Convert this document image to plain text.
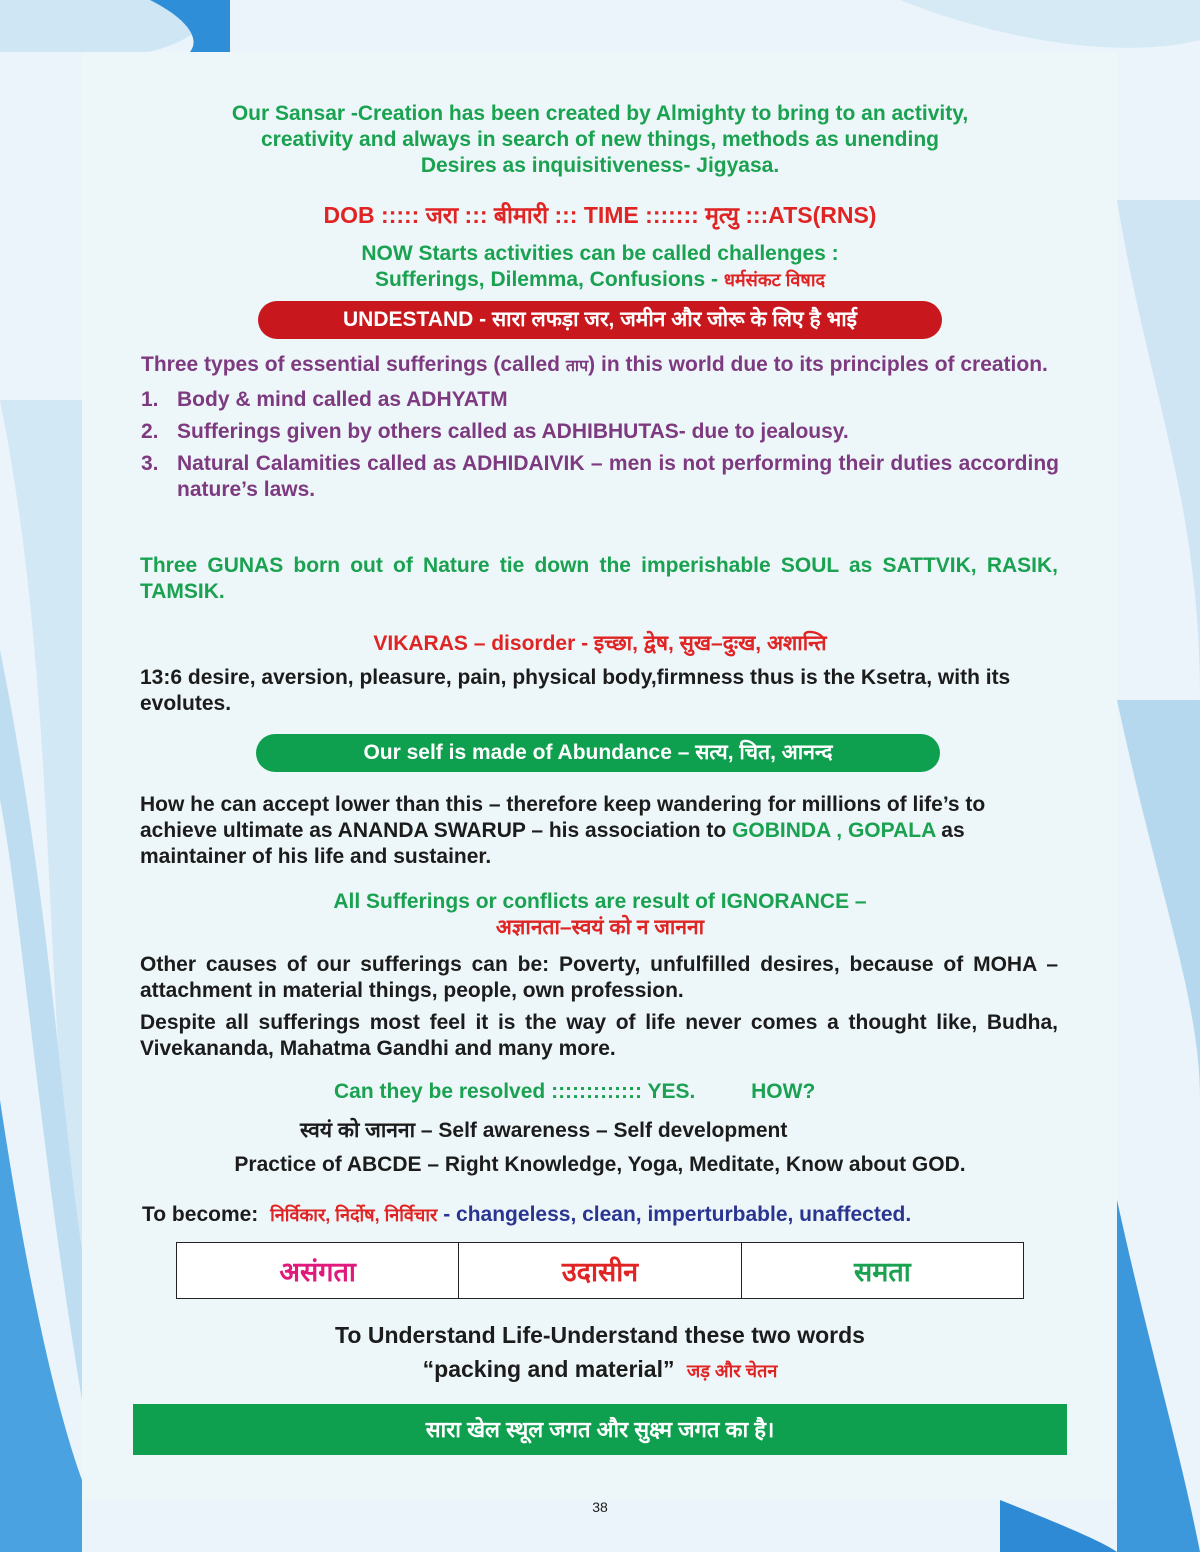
Our Sansar -Creation has been created by Almighty to bring to an activity,
creativity and always in search of new things, methods as unending
Desires as inquisitiveness- Jigyasa.
DOB ::::: जरा ::: बीमारी ::: TIME ::::::: मृत्यु :::ATS(RNS)
NOW Starts activities can be called challenges :
Sufferings, Dilemma, Confusions - धर्मसंकट विषाद
UNDESTAND - सारा लफड़ा जर, जमीन और जोरू के लिए है भाई
Three types of essential sufferings (called ताप) in this world due to its principles of creation.
1. Body & mind called as ADHYATM
2. Sufferings given by others called as ADHIBHUTAS- due to jealousy.
3. Natural Calamities called as ADHIDAIVIK – men is not performing their duties according nature’s laws.
Three GUNAS born out of Nature tie down the imperishable SOUL as SATTVIK, RASIK, TAMSIK.
VIKARAS – disorder - इच्छा, द्वेष, सुख–दुःख, अशान्ति
13:6 desire, aversion, pleasure, pain, physical body,firmness thus is the Ksetra, with its evolutes.
Our self is made of Abundance – सत्य, चित, आनन्द
How he can accept lower than this – therefore keep wandering for millions of life’s to achieve ultimate as ANANDA SWARUP – his association to GOBINDA , GOPALA as maintainer of his life and sustainer.
All Sufferings or conflicts are result of IGNORANCE –
अज्ञानता–स्वयं को न जानना
Other causes of our sufferings can be: Poverty, unfulfilled desires, because of MOHA – attachment in material things, people, own profession.
Despite all sufferings most feel it is the way of life never comes a thought like, Budha, Vivekananda, Mahatma Gandhi and many more.
Can they be resolved ::::::::::::: YES.	HOW?
स्वयं को जानना – Self awareness – Self development
Practice of ABCDE – Right Knowledge, Yoga, Meditate, Know about GOD.
To become: निर्विकार, निर्दोष, निर्विचार - changeless, clean, imperturbable, unaffected.
असंगता	उदासीन	समता
To Understand Life-Understand these two words
“packing and material” जड़ और चेतन
सारा खेल स्थूल जगत और सुक्ष्म जगत का है।
38
